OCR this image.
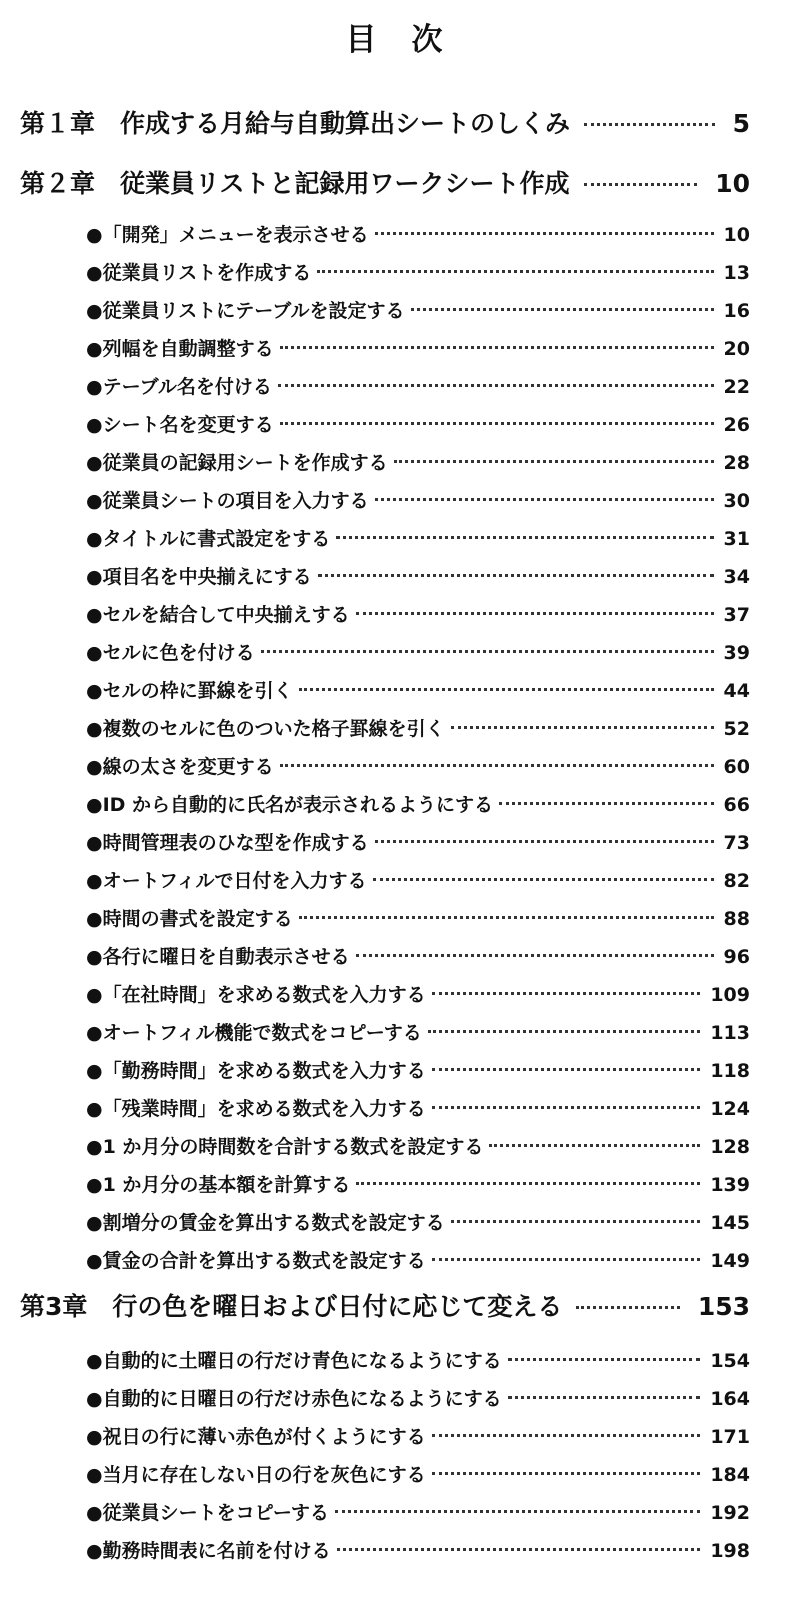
目　次
第１章　作成する月給与自動算出シートのしくみ	5
第２章　従業員リストと記録用ワークシート作成	10
●「開発」メニューを表示させる	10
●従業員リストを作成する	13
●従業員リストにテーブルを設定する	16
●列幅を自動調整する	20
●テーブル名を付ける	22
●シート名を変更する	26
●従業員の記録用シートを作成する	28
●従業員シートの項目を入力する	30
●タイトルに書式設定をする	31
●項目名を中央揃えにする	34
●セルを結合して中央揃えする	37
●セルに色を付ける	39
●セルの枠に罫線を引く	44
●複数のセルに色のついた格子罫線を引く	52
●線の太さを変更する	60
●ID から自動的に氏名が表示されるようにする	66
●時間管理表のひな型を作成する	73
●オートフィルで日付を入力する	82
●時間の書式を設定する	88
●各行に曜日を自動表示させる	96
●「在社時間」を求める数式を入力する	109
●オートフィル機能で数式をコピーする	113
●「勤務時間」を求める数式を入力する	118
●「残業時間」を求める数式を入力する	124
●1 か月分の時間数を合計する数式を設定する	128
●1 か月分の基本額を計算する	139
●割増分の賃金を算出する数式を設定する	145
●賃金の合計を算出する数式を設定する	149
第3章　行の色を曜日および日付に応じて変える	153
●自動的に土曜日の行だけ青色になるようにする	154
●自動的に日曜日の行だけ赤色になるようにする	164
●祝日の行に薄い赤色が付くようにする	171
●当月に存在しない日の行を灰色にする	184
●従業員シートをコピーする	192
●勤務時間表に名前を付ける	198
